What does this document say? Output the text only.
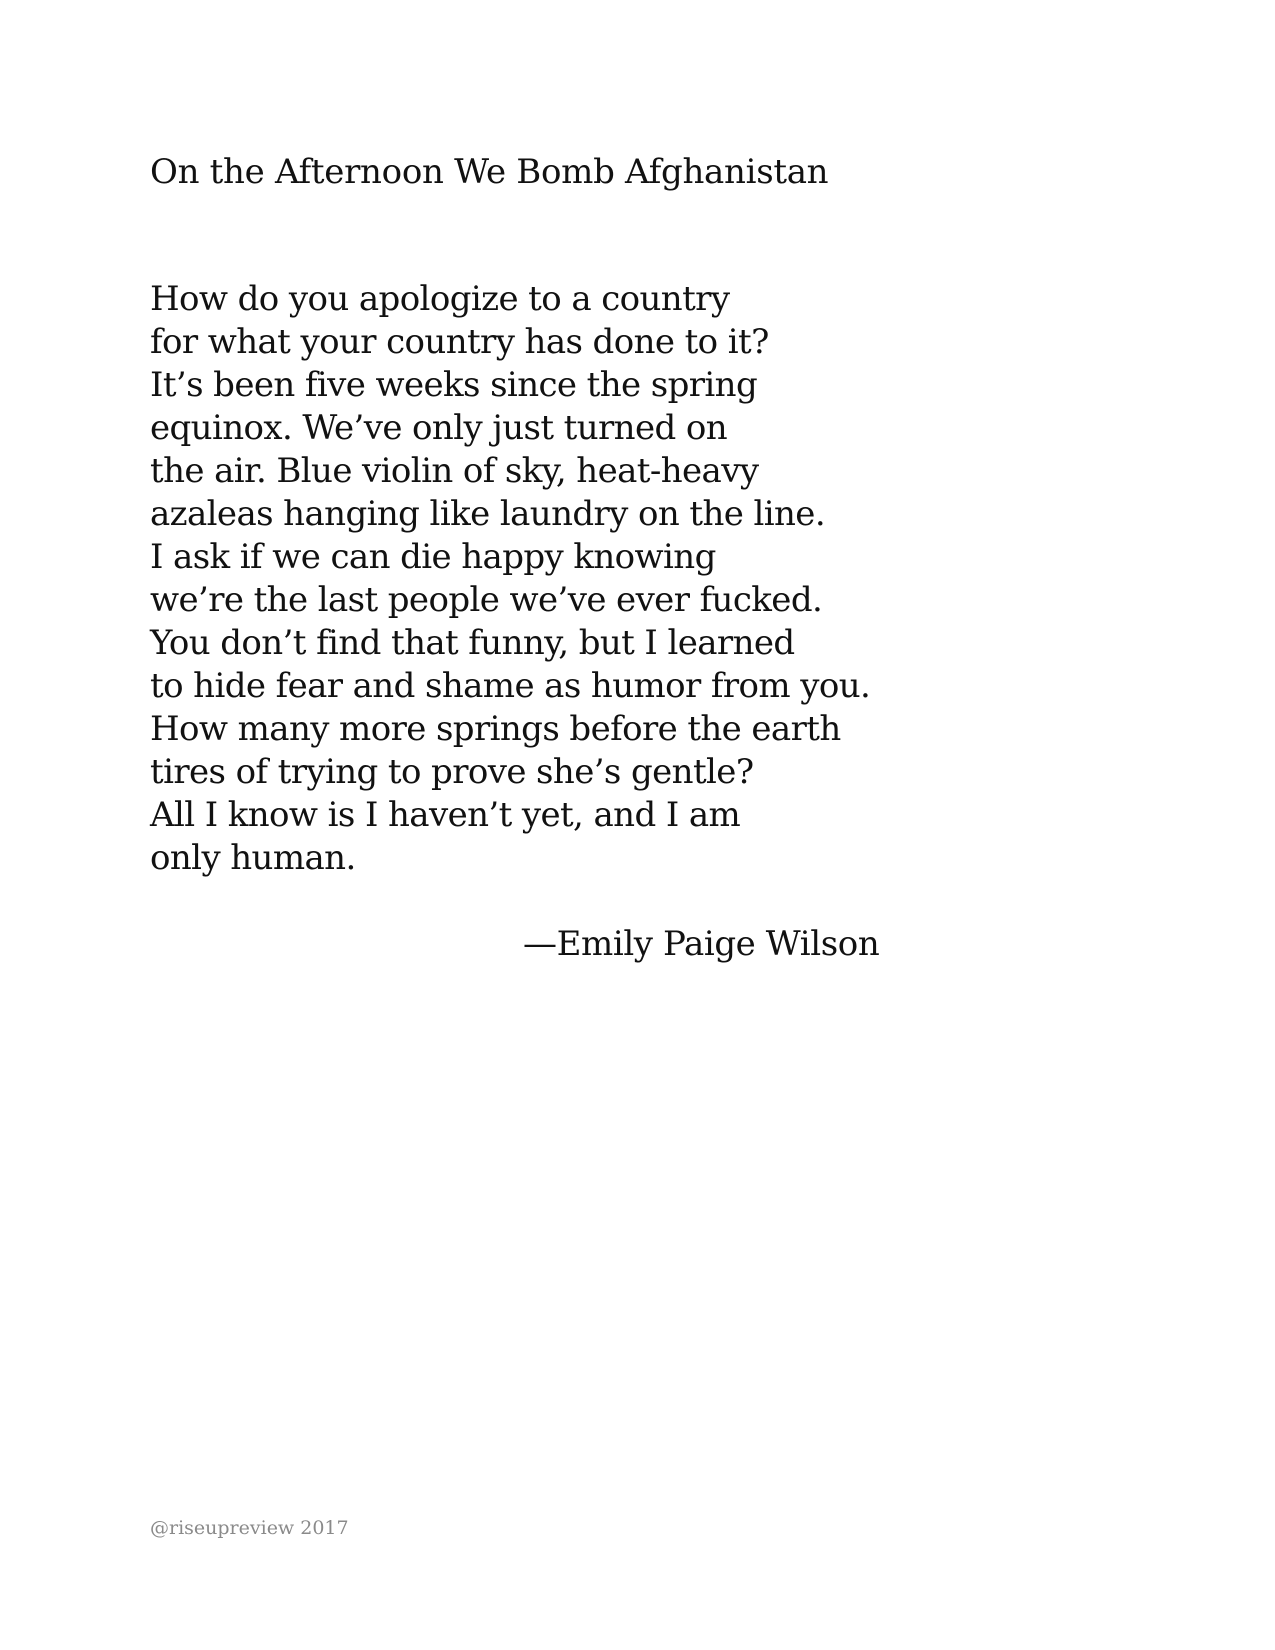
On the Afternoon We Bomb Afghanistan
How do you apologize to a country
for what your country has done to it?
It’s been five weeks since the spring
equinox. We’ve only just turned on
the air. Blue violin of sky, heat-heavy
azaleas hanging like laundry on the line.
I ask if we can die happy knowing
we’re the last people we’ve ever fucked.
You don’t find that funny, but I learned
to hide fear and shame as humor from you.
How many more springs before the earth
tires of trying to prove she’s gentle?
All I know is I haven’t yet, and I am
only human.

—Emily Paige Wilson

@riseupreview 2017
